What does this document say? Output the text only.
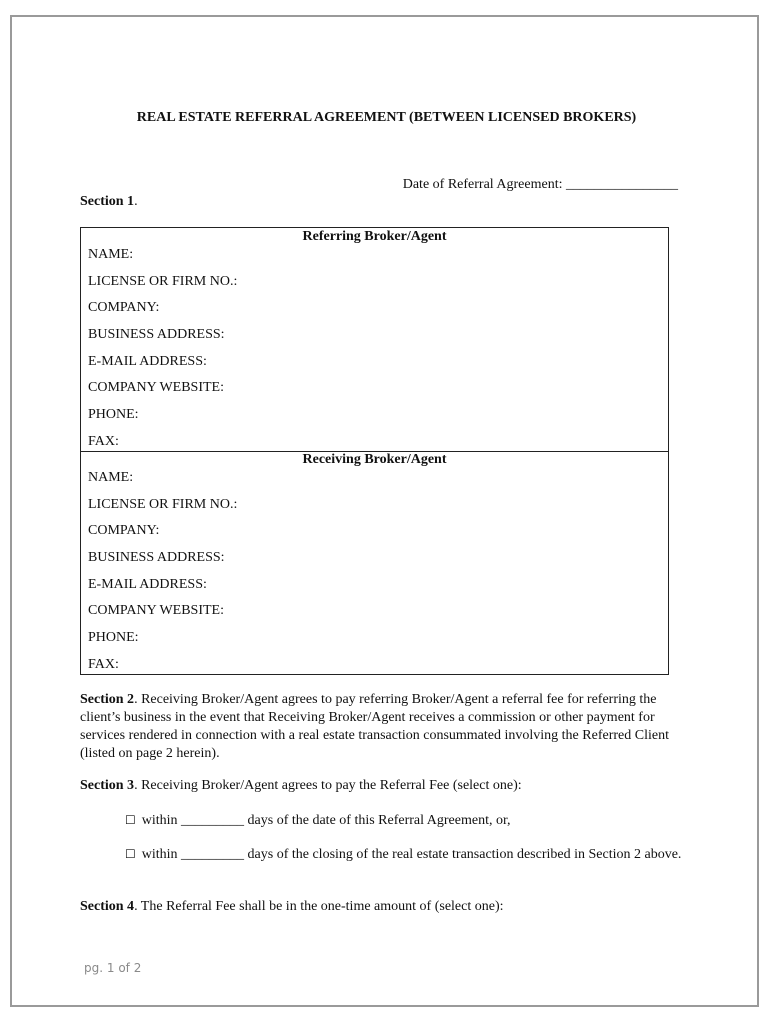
REAL ESTATE REFERRAL AGREEMENT (BETWEEN LICENSED BROKERS)
Date of Referral Agreement: ________________
Section 1.
Referring Broker/Agent
NAME:
LICENSE OR FIRM NO.:
COMPANY:
BUSINESS ADDRESS:
E-MAIL ADDRESS:
COMPANY WEBSITE:
PHONE:
FAX:
Receiving Broker/Agent
NAME:
LICENSE OR FIRM NO.:
COMPANY:
BUSINESS ADDRESS:
E-MAIL ADDRESS:
COMPANY WEBSITE:
PHONE:
FAX:
Section 2. Receiving Broker/Agent agrees to pay referring Broker/Agent a referral fee for referring the client’s business in the event that Receiving Broker/Agent receives a commission or other payment for services rendered in connection with a real estate transaction consummated involving the Referred Client (listed on page 2 herein).
Section 3. Receiving Broker/Agent agrees to pay the Referral Fee (select one):
☐ within _________ days of the date of this Referral Agreement, or,
☐ within _________ days of the closing of the real estate transaction described in Section 2 above.
Section 4. The Referral Fee shall be in the one-time amount of (select one):
pg. 1 of 2
